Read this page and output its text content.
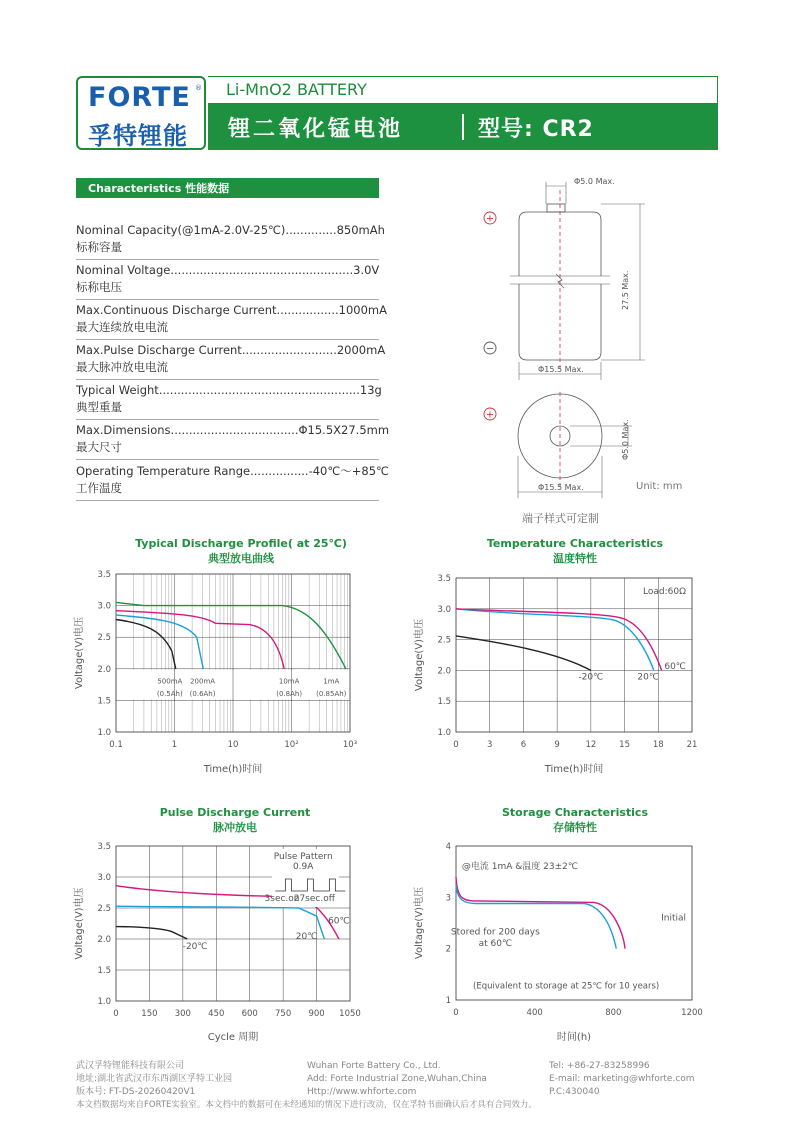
FORTE ®
孚特锂能
Li-MnO2 BATTERY
锂二氧化锰电池	型号: CR2
Characteristics 性能数据
Nominal Capacity(@1mA-2.0V-25℃)..............850mAh
标称容量
Nominal Voltage..................................................3.0V
标称电压
Max.Continuous Discharge Current.................1000mA
最大连续放电电流
Max.Pulse Discharge Current..........................2000mA
最大脉冲放电电流
Typical Weight.......................................................13g
典型重量
Max.Dimensions...................................Φ15.5X27.5mm
最大尺寸
Operating Temperature Range................-40℃～+85℃
工作温度
Φ5.0 Max.
27.5 Max.
Φ15.5 Max.
+
−
+
Φ5.0 Max.
Φ15.5 Max.	Unit: mm
端子样式可定制
Typical Discharge Profile( at 25℃)
典型放电曲线
3.5
3.0
2.5
2.0
1.5
1.0
Voltage(V)电压
0.1	1	10	10²	10³
Time(h)时间
500mA
(0.5Ah)
200mA
(0.6Ah)
10mA
(0.8Ah)
1mA
(0.85Ah)
Temperature Characteristics
温度特性
3.5
3.0
2.5
2.0
1.5
1.0
Voltage(V)电压
0	3	6	9	12	15	18	21
Time(h)时间
Load:60Ω
-20℃	20℃
60℃
Pulse Discharge Current
脉冲放电
3.5
3.0
2.5
2.0
1.5
1.0
Voltage(V)电压
0	150 300 450 600 750 900 1050
Cycle 周期
-20℃
20℃
60℃
Pulse Pattern
0.9A
3sec.on
27sec.off
Storage Characteristics
存储特性
4
3
2
1
Voltage(V)电压
0	400	800	1200
时间(h)
@电流 1mA &温度 23±2℃
Initial
Stored for 200 days
at 60℃
(Equivalent to storage at 25℃ for 10 years)
武汉孚特锂能科技有限公司
地址:湖北省武汉市东西湖区孚特工业园
版本号: FT-DS-20260420V1
Wuhan Forte Battery Co., Ltd.
Add: Forte Industrial Zone,Wuhan,China
Http://www.whforte.com
Tel: +86-27-83258996
E-mail: marketing@whforte.com
P.C:430040
本文档数据均来自FORTE实验室。本文档中的数据可在未经通知的情况下进行改动，仅在孚特书面确认后才具有合同效力。
